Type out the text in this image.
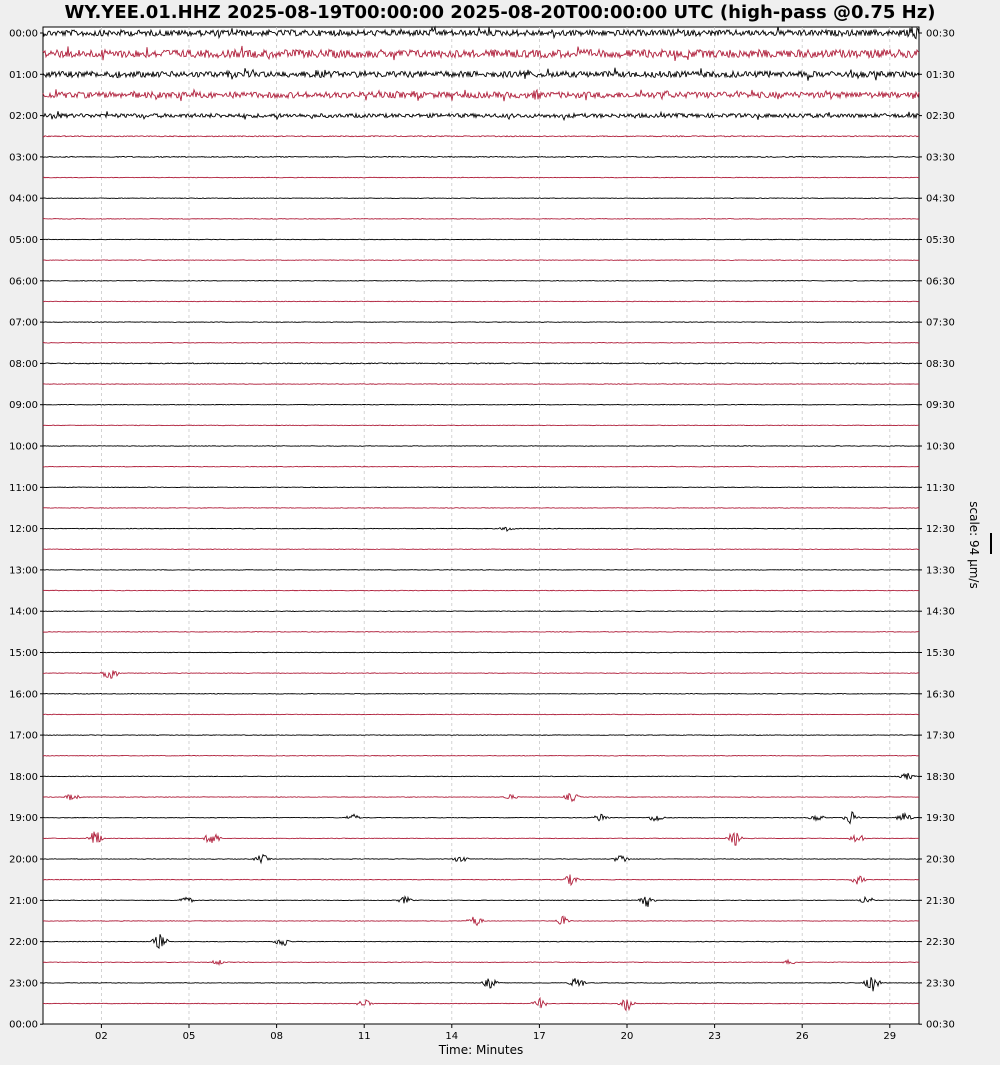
00:00
01:00
02:00
03:00
04:00
05:00
06:00
07:00
08:00
09:00
10:00
11:00
12:00
13:00
14:00
15:00
16:00
17:00
18:00
19:00
20:00
21:00
22:00
23:00
00:00
00:30
01:30
02:30
03:30
04:30
05:30
06:30
07:30
08:30
09:30
10:30
11:30
12:30
13:30
14:30
15:30
16:30
17:30
18:30
19:30
20:30
21:30
22:30
23:30
00:30
02	05	08	11	14	17	20	23	26	29
WY.YEE.01.HHZ 2025-08-19T00:00:00 2025-08-20T00:00:00 UTC (high-pass @0.75 Hz)
Time: Minutes
scale: 94 µm/s
